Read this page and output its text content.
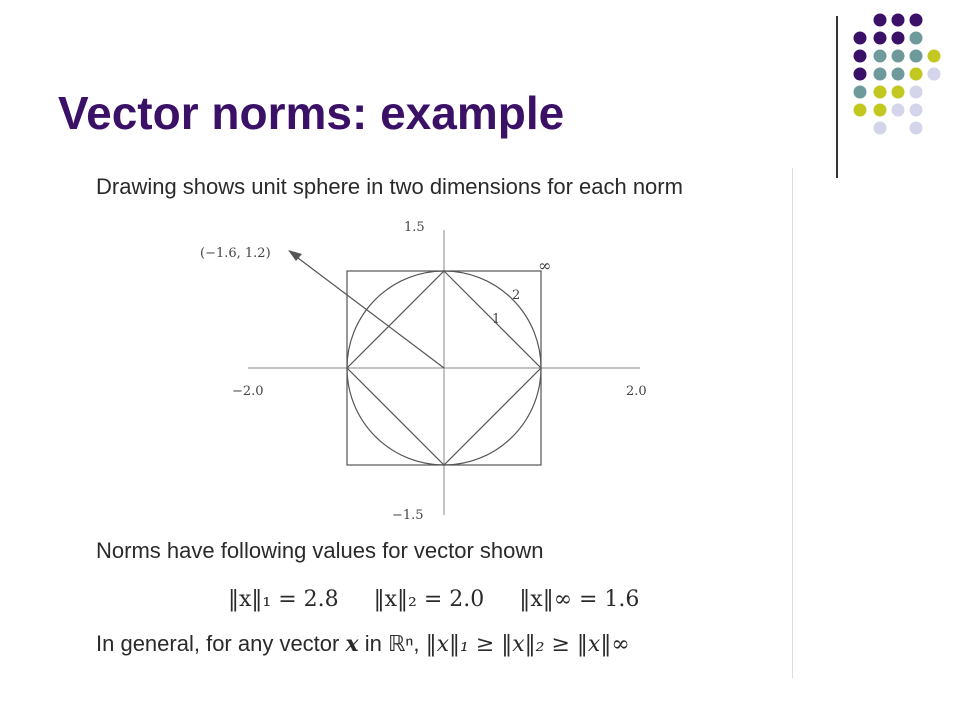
Vector norms: example
Drawing shows unit sphere in two dimensions for each norm
−2.0	2.0
1.5
−1.5
(−1.6, 1.2)
∞
2
1
Norms have following values for vector shown
‖x‖₁ = 2.8 ‖x‖₂ = 2.0 ‖x‖∞ = 1.6
In general, for any vector x in ℝⁿ, ‖x‖₁ ≥ ‖x‖₂ ≥ ‖x‖∞
